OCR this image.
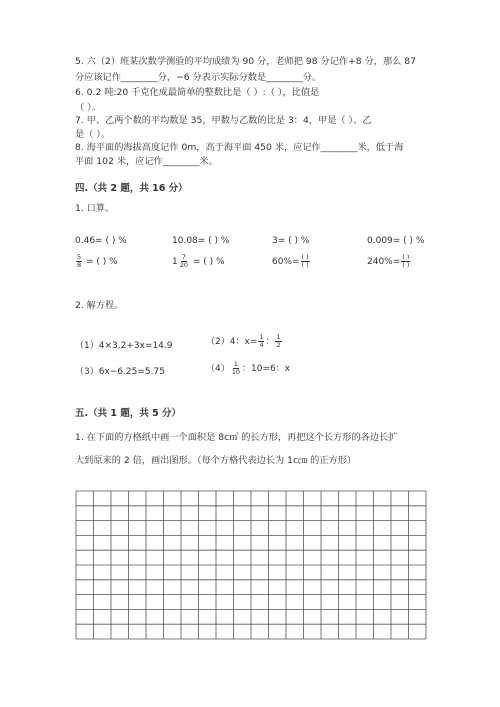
5. 六（2）班某次数学测验的平均成绩为 90 分，老师把 98 分记作+8 分，那么 87
分应该记作________分，−6 分表示实际分数是________分。
6. 0.2 吨:20 千克化成最简单的整数比是（ ）:（ ），比值是
（ ）。
7. 甲、乙两个数的平均数是 35，甲数与乙数的比是 3：4，甲是（ ）、乙
是（ ）。
8. 海平面的海拔高度记作 0m，高于海平面 450 米，应记作________米，低于海
平面 102 米，应记作________米。
四.（共 2 题，共 16 分）
1. 口算。
0.46= ( ) %	10.08= ( ) %	3= ( ) %	0.009= ( ) %
$\frac{5}{8}$ = ( ) %	$1 \frac{7}{20}$ = ( ) %	$60\%= \frac{( )}{( )}$	$240\%= \frac{( )}{( )}$
2. 解方程。
（1）4×3.2+3x=14.9	（2）4：$x= \frac{1}{4}$ ： $\frac{1}{2}$
（3）6x−6.25=5.75	$(4) \frac{1}{10}$ ：10=6：x
五.（共 1 题，共 5 分）
1. 在下面的方格纸中画一个面积是 8c㎡ 的长方形，再把这个长方形的各边长扩
大到原来的 2 倍，画出图形。（每个方格代表边长为 1c㎝ 的正方形）
